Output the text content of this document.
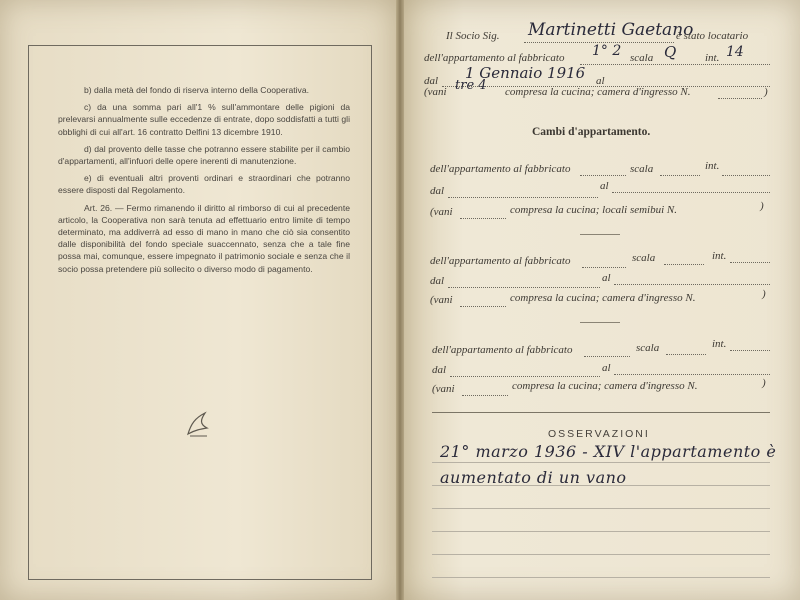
b) dalla metà del fondo di riserva interno della Cooperativa.

c) da una somma pari all'1 % sull'ammontare delle pigioni da prelevarsi annualmente sulle eccedenze di entrate, dopo soddisfatti a tutti gli obblighi di cui all'art. 16 contratto Delfini 13 dicembre 1910.

d) dal provento delle tasse che potranno essere stabilite per il cambio d'appartamenti, all'infuori delle opere inerenti di manutenzione.

e) di eventuali altri proventi ordinari e straordinari che potranno essere disposti dal Regolamento.

Art. 26. — Fermo rimanendo il diritto al rimborso di cui al precedente articolo, la Cooperativa non sarà tenuta ad effettuario entro limite di tempo determinato, ma addiverrà ad esso di mano in mano che ciò sia consentito dalle disponibilità del fondo speciale suaccennato, senza che a tale fine possa mai, comunque, essere impegnato il patrimonio sociale e senza che il socio possa pretendere più sollecito o diverso modo di pagamento.

Il Socio Sig. Martinetti Gaetano
è stato locatario
dell'appartamento al fabbricato 1° 2 scala Q	int. 14
dal 1 Gennaio 1916 al
(vani tre 4 compresa la cucina; camera d'ingresso N.	)
Cambi d'appartamento.
dell'appartamento al fabbricato	scala	int.
dal	al
(vani	compresa la cucina; locali semibui N.	)
dell'appartamento al fabbricato	scala	int.
dal	al
(vani	compresa la cucina; camera d'ingresso N.	)
dell'appartamento al fabbricato	scala	int.
dal	al
(vani	compresa la cucina; camera d'ingresso N.	)
OSSERVAZIONI
21° marzo 1936 - XIV l'appartamento è
aumentato di un vano
